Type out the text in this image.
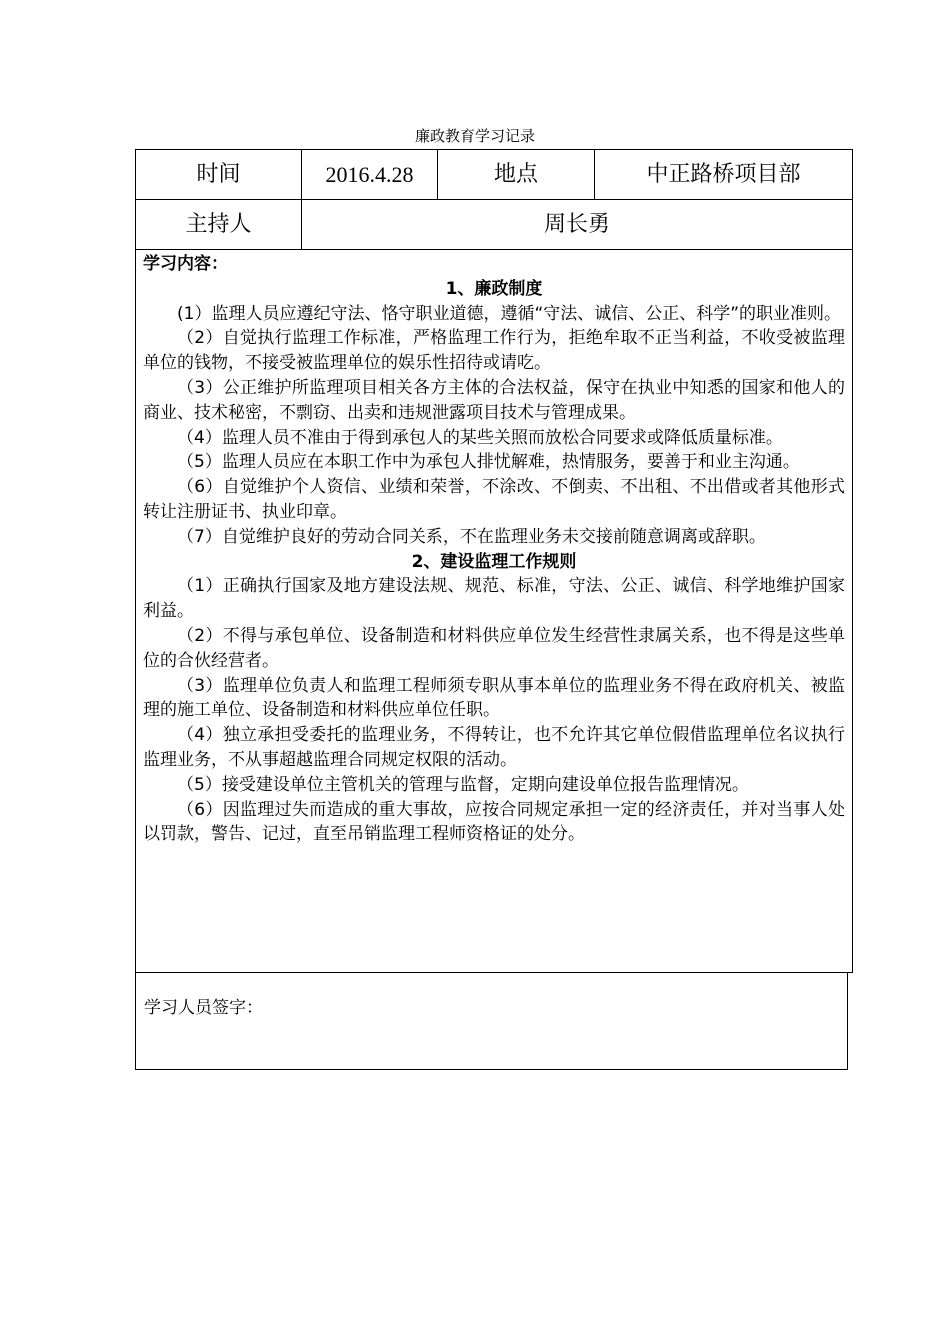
廉政教育学习记录
时间	2016.4.28	地点	中正路桥项目部
主持人	周长勇
学习内容：
1、廉政制度
(1）监理人员应遵纪守法、恪守职业道德，遵循“守法、诚信、公正、科学”的职业准则。
（2）自觉执行监理工作标准，严格监理工作行为，拒绝牟取不正当利益，不收受被监理单位的钱物，不接受被监理单位的娱乐性招待或请吃。
（3）公正维护所监理项目相关各方主体的合法权益，保守在执业中知悉的国家和他人的商业、技术秘密，不剽窃、出卖和违规泄露项目技术与管理成果。
（4）监理人员不准由于得到承包人的某些关照而放松合同要求或降低质量标准。
（5）监理人员应在本职工作中为承包人排忧解难，热情服务，要善于和业主沟通。
（6）自觉维护个人资信、业绩和荣誉，不涂改、不倒卖、不出租、不出借或者其他形式转让注册证书、执业印章。
（7）自觉维护良好的劳动合同关系，不在监理业务未交接前随意调离或辞职。
2、建设监理工作规则
（1）正确执行国家及地方建设法规、规范、标准，守法、公正、诚信、科学地维护国家利益。
（2）不得与承包单位、设备制造和材料供应单位发生经营性隶属关系，也不得是这些单位的合伙经营者。
（3）监理单位负责人和监理工程师须专职从事本单位的监理业务不得在政府机关、被监理的施工单位、设备制造和材料供应单位任职。
（4）独立承担受委托的监理业务，不得转让，也不允许其它单位假借监理单位名议执行监理业务，不从事超越监理合同规定权限的活动。
（5）接受建设单位主管机关的管理与监督，定期向建设单位报告监理情况。
（6）因监理过失而造成的重大事故，应按合同规定承担一定的经济责任，并对当事人处以罚款，警告、记过，直至吊销监理工程师资格证的处分。
学习人员签字：
